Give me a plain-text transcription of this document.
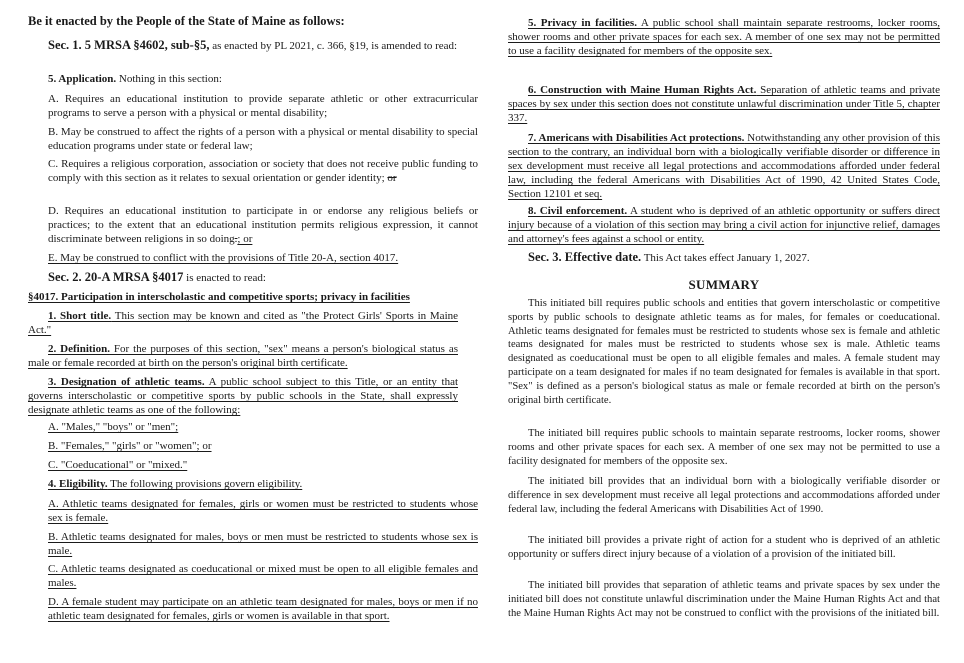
Be it enacted by the People of the State of Maine as follows:

Sec. 1. 5 MRSA §4602, sub-§5, as enacted by PL 2021, c. 366, §19, is amended to read:

5. Application. Nothing in this section:

A. Requires an educational institution to provide separate athletic or other extracurricular programs to serve a person with a physical or mental disability;

B. May be construed to affect the rights of a person with a physical or mental disability to special education programs under state or federal law;

C. Requires a religious corporation, association or society that does not receive public funding to comply with this section as it relates to sexual orientation or gender identity; or

D. Requires an educational institution to participate in or endorse any religious beliefs or practices; to the extent that an educational institution permits religious expression, it cannot discriminate between religions in so doing.; or

E. May be construed to conflict with the provisions of Title 20-A, section 4017.

Sec. 2. 20-A MRSA §4017 is enacted to read:

§4017. Participation in interscholastic and competitive sports; privacy in facilities

1. Short title. This section may be known and cited as "the Protect Girls' Sports in Maine Act."

2. Definition. For the purposes of this section, "sex" means a person's biological status as male or female recorded at birth on the person's original birth certificate.

3. Designation of athletic teams. A public school subject to this Title, or an entity that governs interscholastic or competitive sports by public schools in the State, shall expressly designate athletic teams as one of the following:

A. "Males," "boys" or "men";

B. "Females," "girls" or "women"; or

C. "Coeducational" or "mixed."

4. Eligibility. The following provisions govern eligibility.

A. Athletic teams designated for females, girls or women must be restricted to students whose sex is female.

B. Athletic teams designated for males, boys or men must be restricted to students whose sex is male.

C. Athletic teams designated as coeducational or mixed must be open to all eligible females and males.

D. A female student may participate on an athletic team designated for males, boys or men if no athletic team designated for females, girls or women is available in that sport.

5. Privacy in facilities. A public school shall maintain separate restrooms, locker rooms, shower rooms and other private spaces for each sex. A member of one sex may not be permitted to use a facility designated for members of the opposite sex.

6. Construction with Maine Human Rights Act. Separation of athletic teams and private spaces by sex under this section does not constitute unlawful discrimination under Title 5, chapter 337.

7. Americans with Disabilities Act protections. Notwithstanding any other provision of this section to the contrary, an individual born with a biologically verifiable disorder or difference in sex development must receive all legal protections and accommodations afforded under federal law, including the federal Americans with Disabilities Act of 1990, 42 United States Code, Section 12101 et seq.

8. Civil enforcement. A student who is deprived of an athletic opportunity or suffers direct injury because of a violation of this section may bring a civil action for injunctive relief, damages and attorney's fees against a school or entity.

Sec. 3. Effective date. This Act takes effect January 1, 2027.

SUMMARY

This initiated bill requires public schools and entities that govern interscholastic or competitive sports by public schools to designate athletic teams as for males, for females or coeducational. Athletic teams designated for females must be restricted to students whose sex is female and athletic teams designated for males must be restricted to students whose sex is male. Athletic teams designated as coeducational must be open to all eligible females and males. A female student may participate on a team designated for males if no team designated for females is available in that sport. "Sex" is defined as a person's biological status as male or female recorded at birth on the person's original birth certificate.

The initiated bill requires public schools to maintain separate restrooms, locker rooms, shower rooms and other private spaces for each sex. A member of one sex may not be permitted to use a facility designated for members of the opposite sex.

The initiated bill provides that an individual born with a biologically verifiable disorder or difference in sex development must receive all legal protections and accommodations afforded under federal law, including the federal Americans with Disabilities Act of 1990.

The initiated bill provides a private right of action for a student who is deprived of an athletic opportunity or suffers direct injury because of a violation of a provision of the initiated bill.

The initiated bill provides that separation of athletic teams and private spaces by sex under the initiated bill does not constitute unlawful discrimination under the Maine Human Rights Act and that the Maine Human Rights Act may not be construed to conflict with the provisions of the initiated bill.
